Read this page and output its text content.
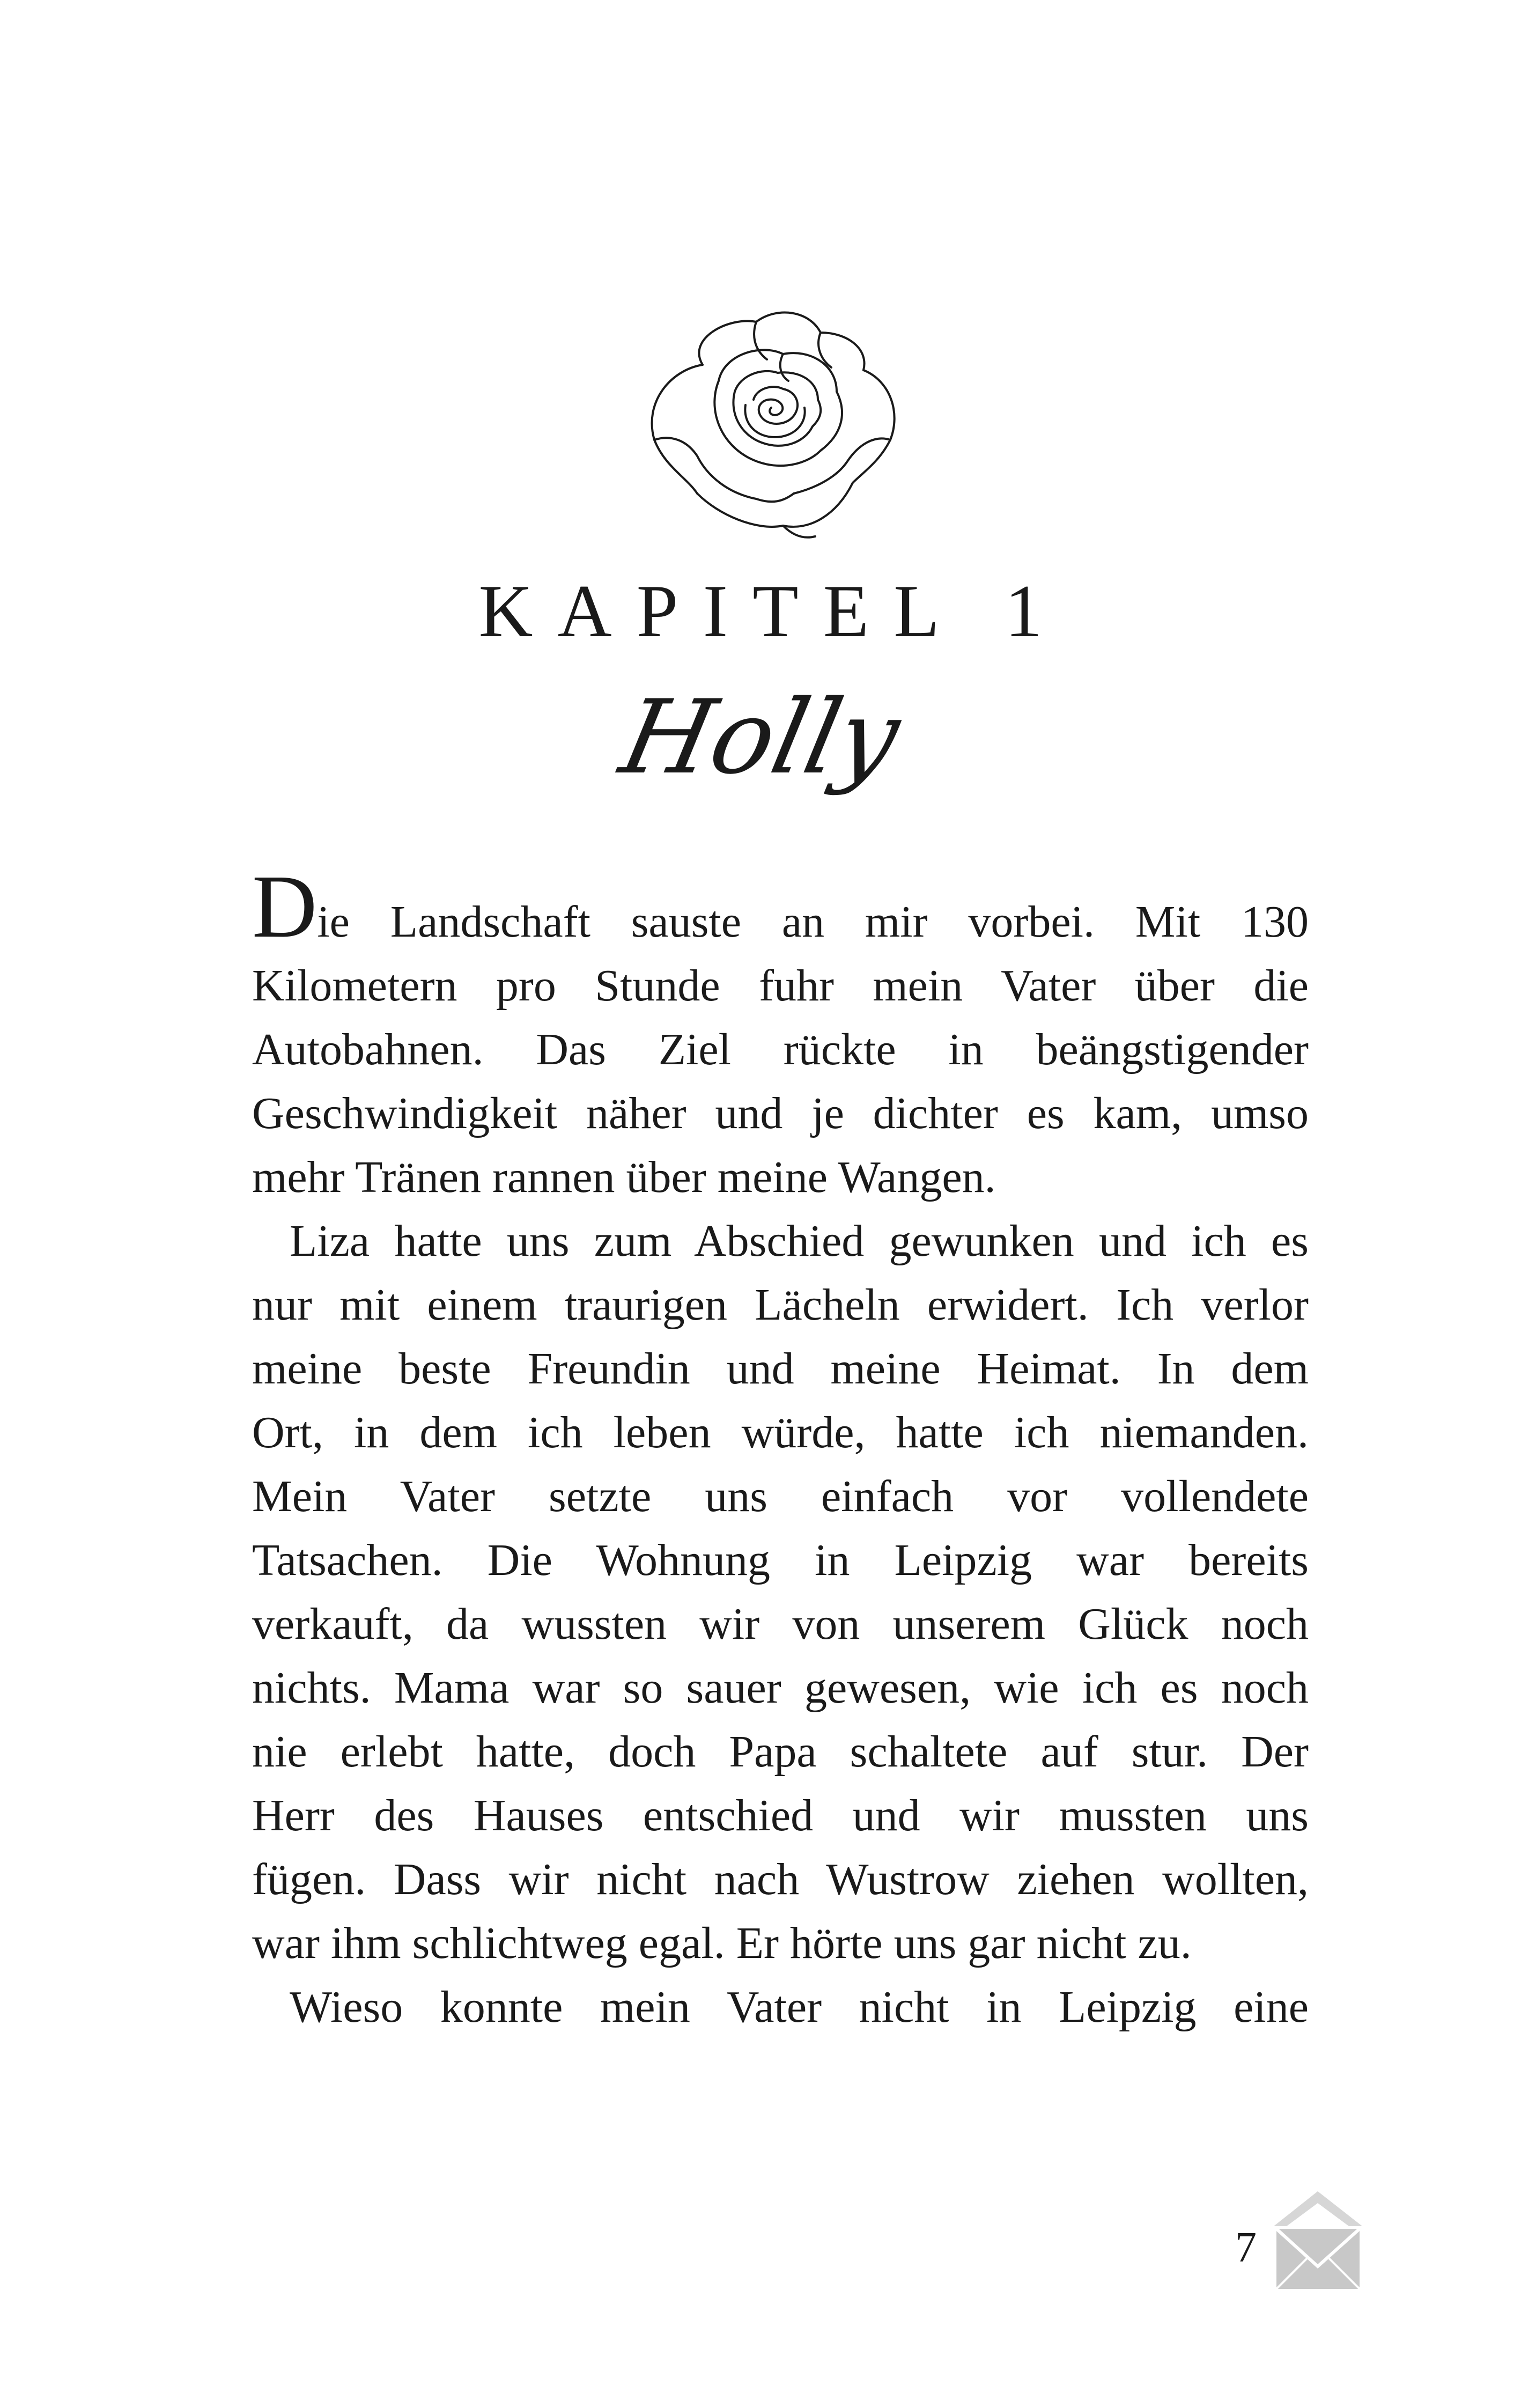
KAPITEL 1
Holly

Die Landschaft sauste an mir vorbei. Mit 130
Kilometern pro Stunde fuhr mein Vater über die
Autobahnen. Das Ziel rückte in beängstigender
Geschwindigkeit näher und je dichter es kam, umso
mehr Tränen rannen über meine Wangen.

Liza hatte uns zum Abschied gewunken und ich es
nur mit einem traurigen Lächeln erwidert. Ich verlor
meine beste Freundin und meine Heimat. In dem
Ort, in dem ich leben würde, hatte ich niemanden.
Mein Vater setzte uns einfach vor vollendete
Tatsachen. Die Wohnung in Leipzig war bereits
verkauft, da wussten wir von unserem Glück noch
nichts. Mama war so sauer gewesen, wie ich es noch
nie erlebt hatte, doch Papa schaltete auf stur. Der
Herr des Hauses entschied und wir mussten uns
fügen. Dass wir nicht nach Wustrow ziehen wollten,
war ihm schlichtweg egal. Er hörte uns gar nicht zu.

Wieso konnte mein Vater nicht in Leipzig eine

7
